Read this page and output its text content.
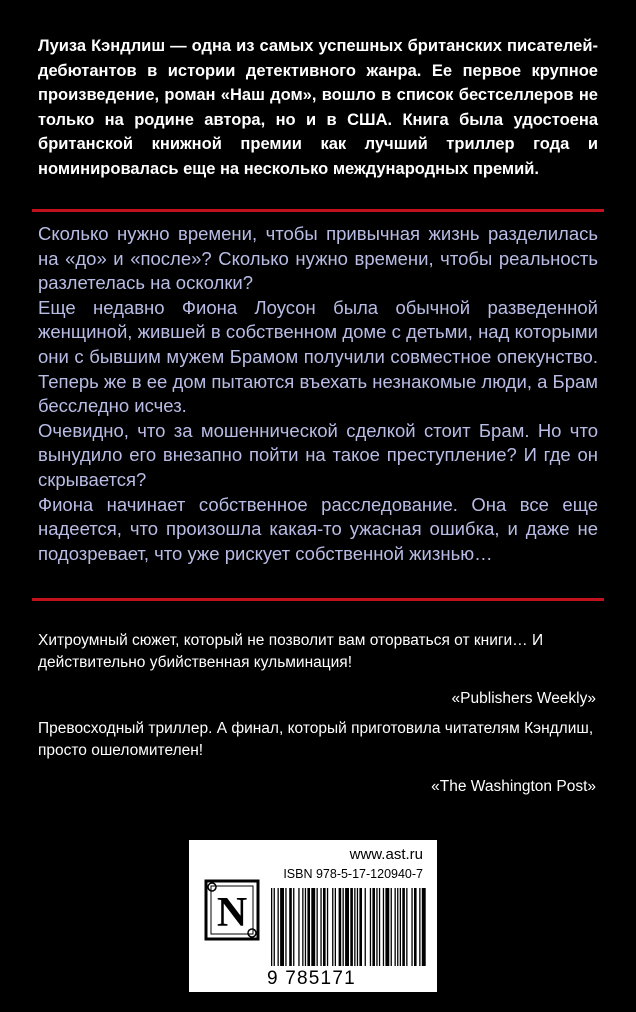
Луиза Кэндлиш — одна из самых успешных британских писателей-дебютантов в истории детективного жанра. Ее первое крупное произведение, роман «Наш дом», вошло в список бестселлеров не только на родине автора, но и в США. Книга была удостоена британской книжной премии как лучший триллер года и номинировалась еще на несколько международных премий.

Сколько нужно времени, чтобы привычная жизнь разделилась на «до» и «после»? Сколько нужно времени, чтобы реальность разлетелась на осколки?

Еще недавно Фиона Лоусон была обычной разведенной женщиной, жившей в собственном доме с детьми, над которыми они с бывшим мужем Брамом получили совместное опекунство. Теперь же в ее дом пытаются въехать незнакомые люди, а Брам бесследно исчез.

Очевидно, что за мошеннической сделкой стоит Брам. Но что вынудило его внезапно пойти на такое преступление? И где он скрывается?

Фиона начинает собственное расследование. Она все еще надеется, что произошла какая-то ужасная ошибка, и даже не подозревает, что уже рискует собственной жизнью…

Хитроумный сюжет, который не позволит вам оторваться от книги… И действительно убийственная кульминация!

«Publishers Weekly»

Превосходный триллер. А финал, который приготовила читателям Кэндлиш, просто ошеломителен!

«The Washington Post»

www.ast.ru
ISBN 978-5-17-120940-7
N
9 785171 209407
